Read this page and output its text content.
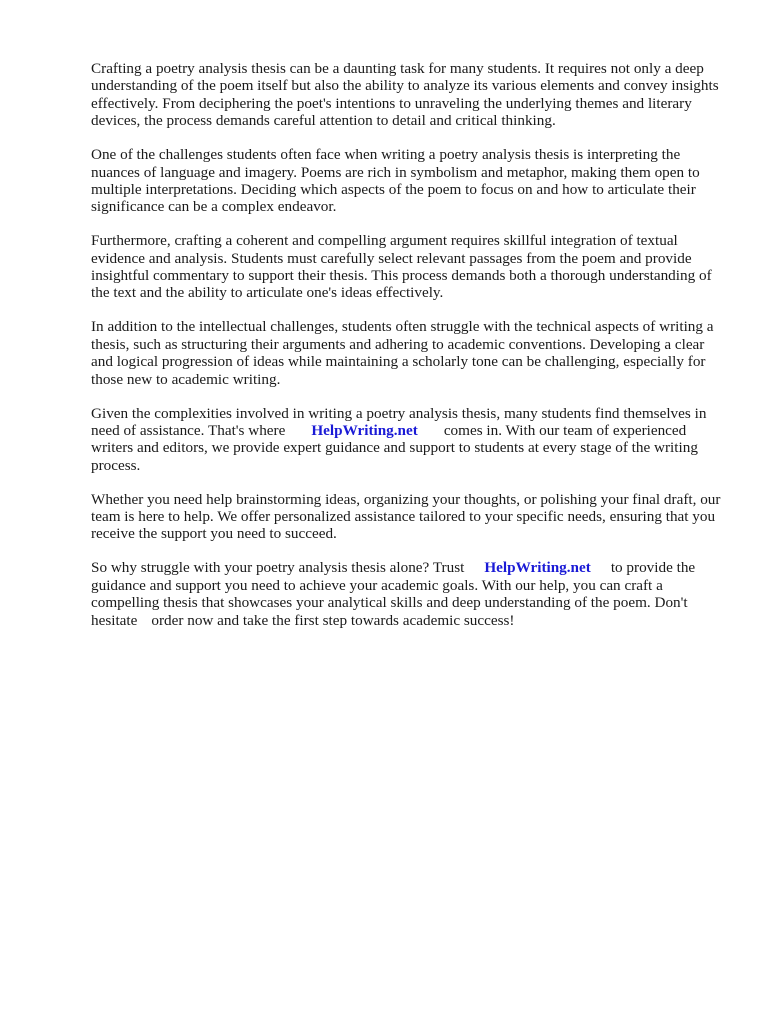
Crafting a poetry analysis thesis can be a daunting task for many students. It requires not only a deep understanding of the poem itself but also the ability to analyze its various elements and convey insights effectively. From deciphering the poet's intentions to unraveling the underlying themes and literary devices, the process demands careful attention to detail and critical thinking.

One of the challenges students often face when writing a poetry analysis thesis is interpreting the nuances of language and imagery. Poems are rich in symbolism and metaphor, making them open to multiple interpretations. Deciding which aspects of the poem to focus on and how to articulate their significance can be a complex endeavor.

Furthermore, crafting a coherent and compelling argument requires skillful integration of textual evidence and analysis. Students must carefully select relevant passages from the poem and provide insightful commentary to support their thesis. This process demands both a thorough understanding of the text and the ability to articulate one's ideas effectively.

In addition to the intellectual challenges, students often struggle with the technical aspects of writing a thesis, such as structuring their arguments and adhering to academic conventions. Developing a clear and logical progression of ideas while maintaining a scholarly tone can be challenging, especially for those new to academic writing.

Given the complexities involved in writing a poetry analysis thesis, many students find themselves in need of assistance. That's where HelpWriting.net comes in. With our team of experienced writers and editors, we provide expert guidance and support to students at every stage of the writing process.

Whether you need help brainstorming ideas, organizing your thoughts, or polishing your final draft, our team is here to help. We offer personalized assistance tailored to your specific needs, ensuring that you receive the support you need to succeed.

So why struggle with your poetry analysis thesis alone? Trust HelpWriting.net to provide the guidance and support you need to achieve your academic goals. With our help, you can craft a compelling thesis that showcases your analytical skills and deep understanding of the poem. Don't hesitate order now and take the first step towards academic success!
